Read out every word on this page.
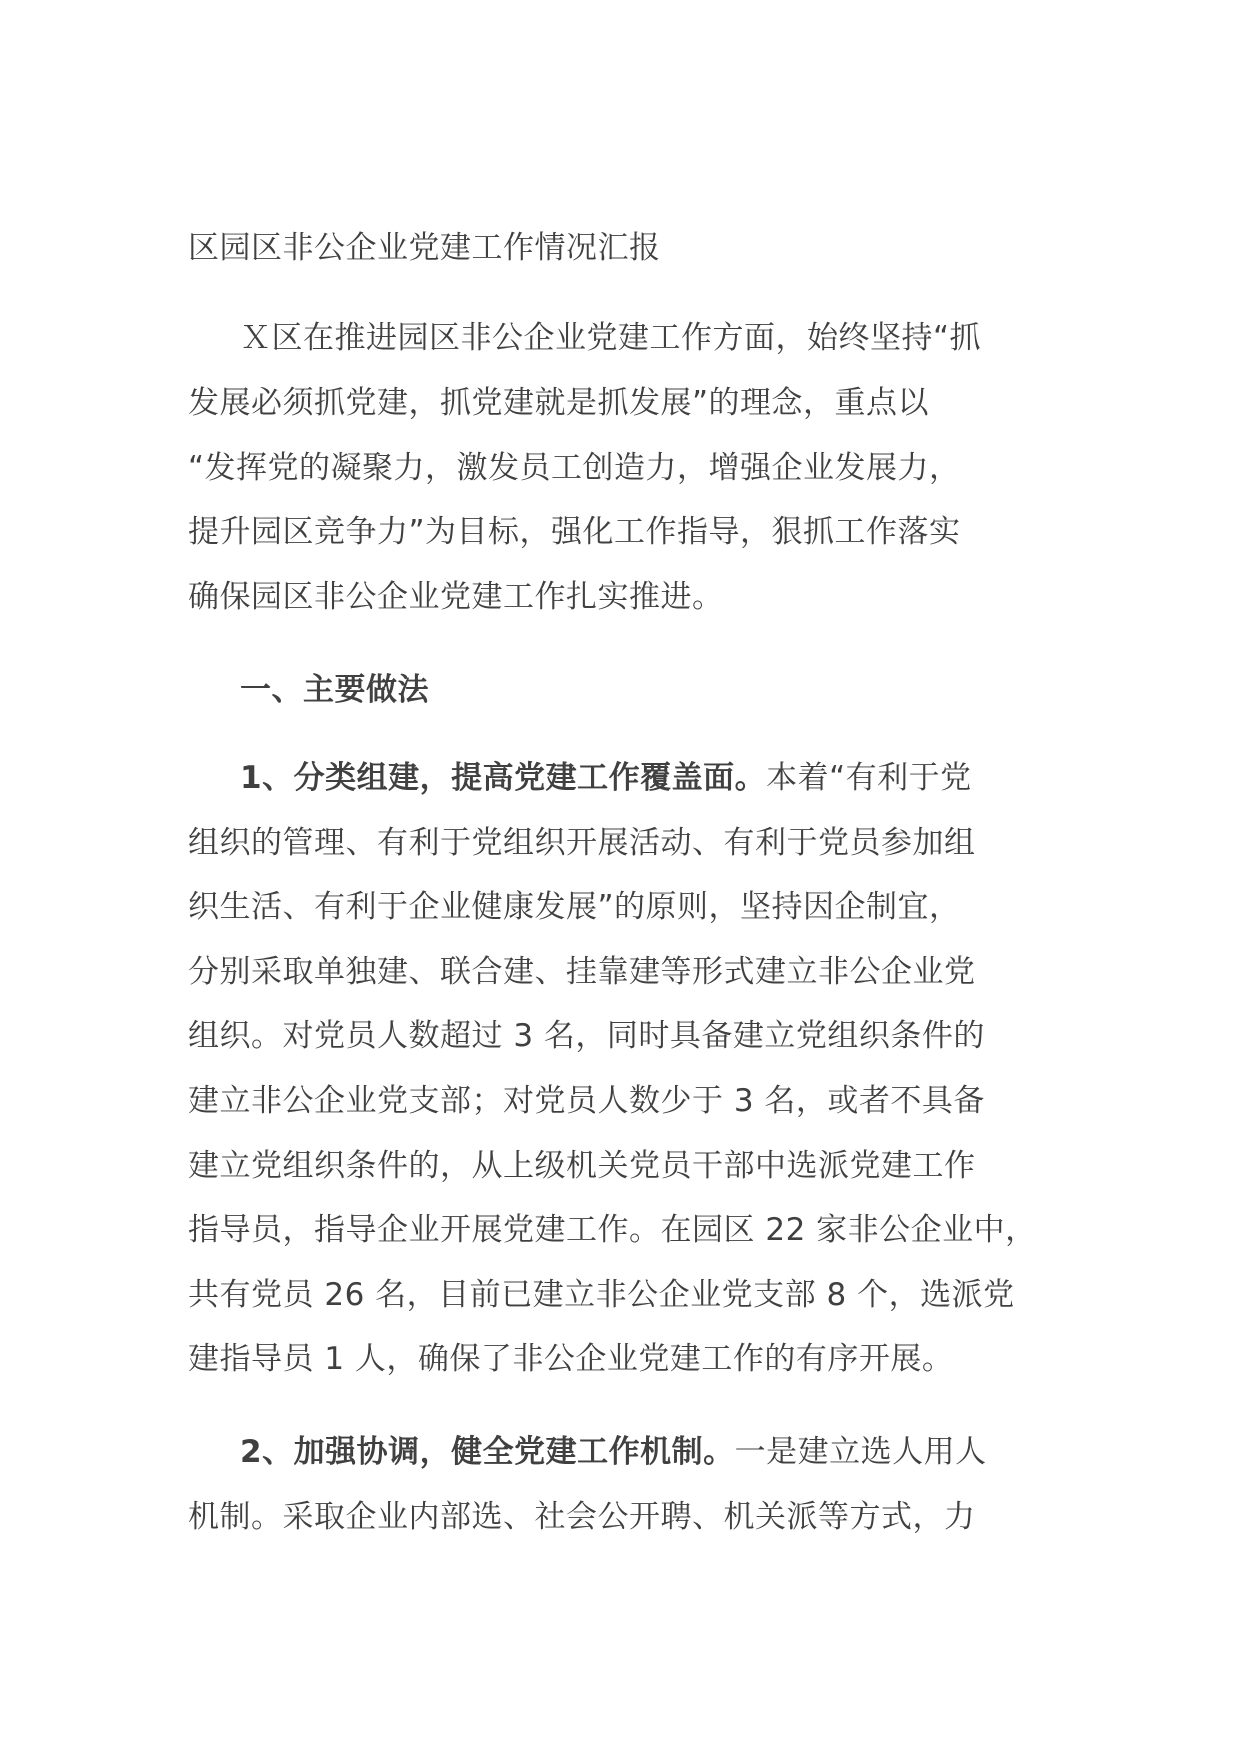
区园区非公企业党建工作情况汇报
Ｘ区在推进园区非公企业党建工作方面，始终坚持“抓
发展必须抓党建，抓党建就是抓发展”的理念，重点以
“发挥党的凝聚力，激发员工创造力，增强企业发展力，
提升园区竞争力”为目标，强化工作指导，狠抓工作落实
确保园区非公企业党建工作扎实推进。
一、主要做法
1、分类组建，提高党建工作覆盖面。本着“有利于党
组织的管理、有利于党组织开展活动、有利于党员参加组
织生活、有利于企业健康发展”的原则，坚持因企制宜，
分别采取单独建、联合建、挂靠建等形式建立非公企业党
组织。对党员人数超过 3 名，同时具备建立党组织条件的
建立非公企业党支部；对党员人数少于 3 名，或者不具备
建立党组织条件的，从上级机关党员干部中选派党建工作
指导员，指导企业开展党建工作。在园区 22 家非公企业中，
共有党员 26 名，目前已建立非公企业党支部 8 个，选派党
建指导员 1 人，确保了非公企业党建工作的有序开展。
2、加强协调，健全党建工作机制。一是建立选人用人
机制。采取企业内部选、社会公开聘、机关派等方式，力
